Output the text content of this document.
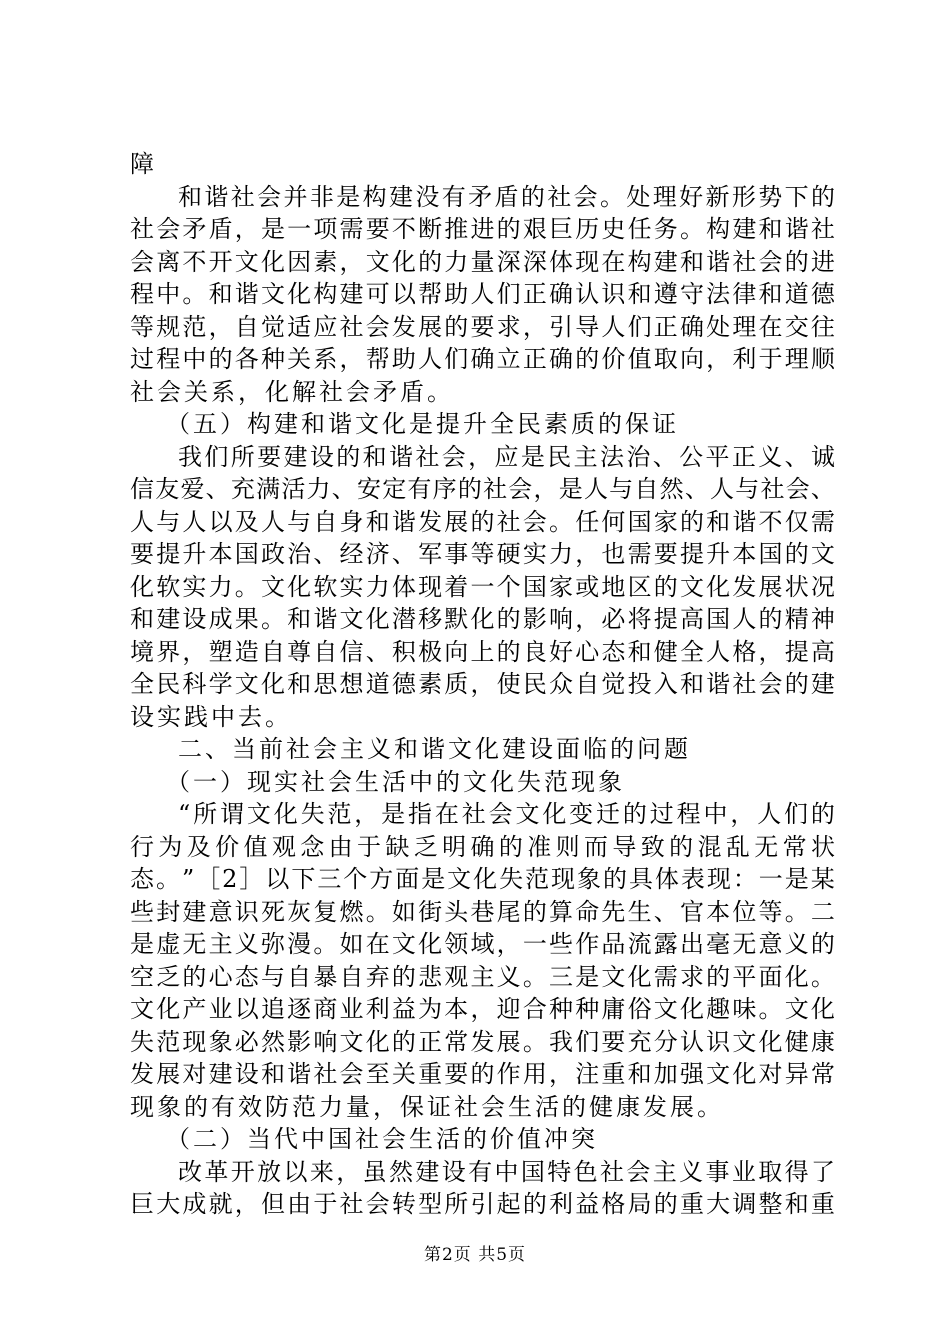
障
和 谐 社 会 并 非 是 构 建 没 有 矛 盾 的 社 会 。 处 理 好 新 形 势 下 的
社 会 矛 盾 ， 是 一 项 需 要 不 断 推 进 的 艰 巨 历 史 任 务 。 构 建 和 谐 社
会 离 不 开 文 化 因 素 ， 文 化 的 力 量 深 深 体 现 在 构 建 和 谐 社 会 的 进
程 中 。 和 谐 文 化 构 建 可 以 帮 助 人 们 正 确 认 识 和 遵 守 法 律 和 道 德
等 规 范 ， 自 觉 适 应 社 会 发 展 的 要 求 ， 引 导 人 们 正 确 处 理 在 交 往
过 程 中 的 各 种 关 系 ， 帮 助 人 们 确 立 正 确 的 价 值 取 向 ， 利 于 理 顺
社会关系，化解社会矛盾。
（五）构建和谐文化是提升全民素质的保证
我 们 所 要 建 设 的 和 谐 社 会 ， 应 是 民 主 法 治 、 公 平 正 义 、 诚
信 友 爱 、 充 满 活 力 、 安 定 有 序 的 社 会 ， 是 人 与 自 然 、 人 与 社 会 、
人 与 人 以 及 人 与 自 身 和 谐 发 展 的 社 会 。 任 何 国 家 的 和 谐 不 仅 需
要 提 升 本 国 政 治 、 经 济 、 军 事 等 硬 实 力 ， 也 需 要 提 升 本 国 的 文
化 软 实 力 。 文 化 软 实 力 体 现 着 一 个 国 家 或 地 区 的 文 化 发 展 状 况
和 建 设 成 果 。 和 谐 文 化 潜 移 默 化 的 影 响 ， 必 将 提 高 国 人 的 精 神
境 界 ， 塑 造 自 尊 自 信 、 积 极 向 上 的 良 好 心 态 和 健 全 人 格 ， 提 高
全 民 科 学 文 化 和 思 想 道 德 素 质 ， 使 民 众 自 觉 投 入 和 谐 社 会 的 建
设实践中去。
二、当前社会主义和谐文化建设面临的问题
（一）现实社会生活中的文化失范现象
“ 所 谓 文 化 失 范 ， 是 指 在 社 会 文 化 变 迁 的 过 程 中 ， 人 们 的
行 为 及 价 值 观 念 由 于 缺 乏 明 确 的 准 则 而 导 致 的 混 乱 无 常 状
态 。 ” ［ 2 ］ 以 下 三 个 方 面 是 文 化 失 范 现 象 的 具 体 表 现 ： 一 是 某
些 封 建 意 识 死 灰 复 燃 。 如 街 头 巷 尾 的 算 命 先 生 、 官 本 位 等 。 二
是 虚 无 主 义 弥 漫 。 如 在 文 化 领 域 ， 一 些 作 品 流 露 出 毫 无 意 义 的
空 乏 的 心 态 与 自 暴 自 弃 的 悲 观 主 义 。 三 是 文 化 需 求 的 平 面 化 。
文 化 产 业 以 追 逐 商 业 利 益 为 本 ， 迎 合 种 种 庸 俗 文 化 趣 味 。 文 化
失 范 现 象 必 然 影 响 文 化 的 正 常 发 展 。 我 们 要 充 分 认 识 文 化 健 康
发 展 对 建 设 和 谐 社 会 至 关 重 要 的 作 用 ， 注 重 和 加 强 文 化 对 异 常
现象的有效防范力量，保证社会生活的健康发展。
（二）当代中国社会生活的价值冲突
改 革 开 放 以 来 ， 虽 然 建 设 有 中 国 特 色 社 会 主 义 事 业 取 得 了
巨 大 成 就 ， 但 由 于 社 会 转 型 所 引 起 的 利 益 格 局 的 重 大 调 整 和 重
第2页 共5页
